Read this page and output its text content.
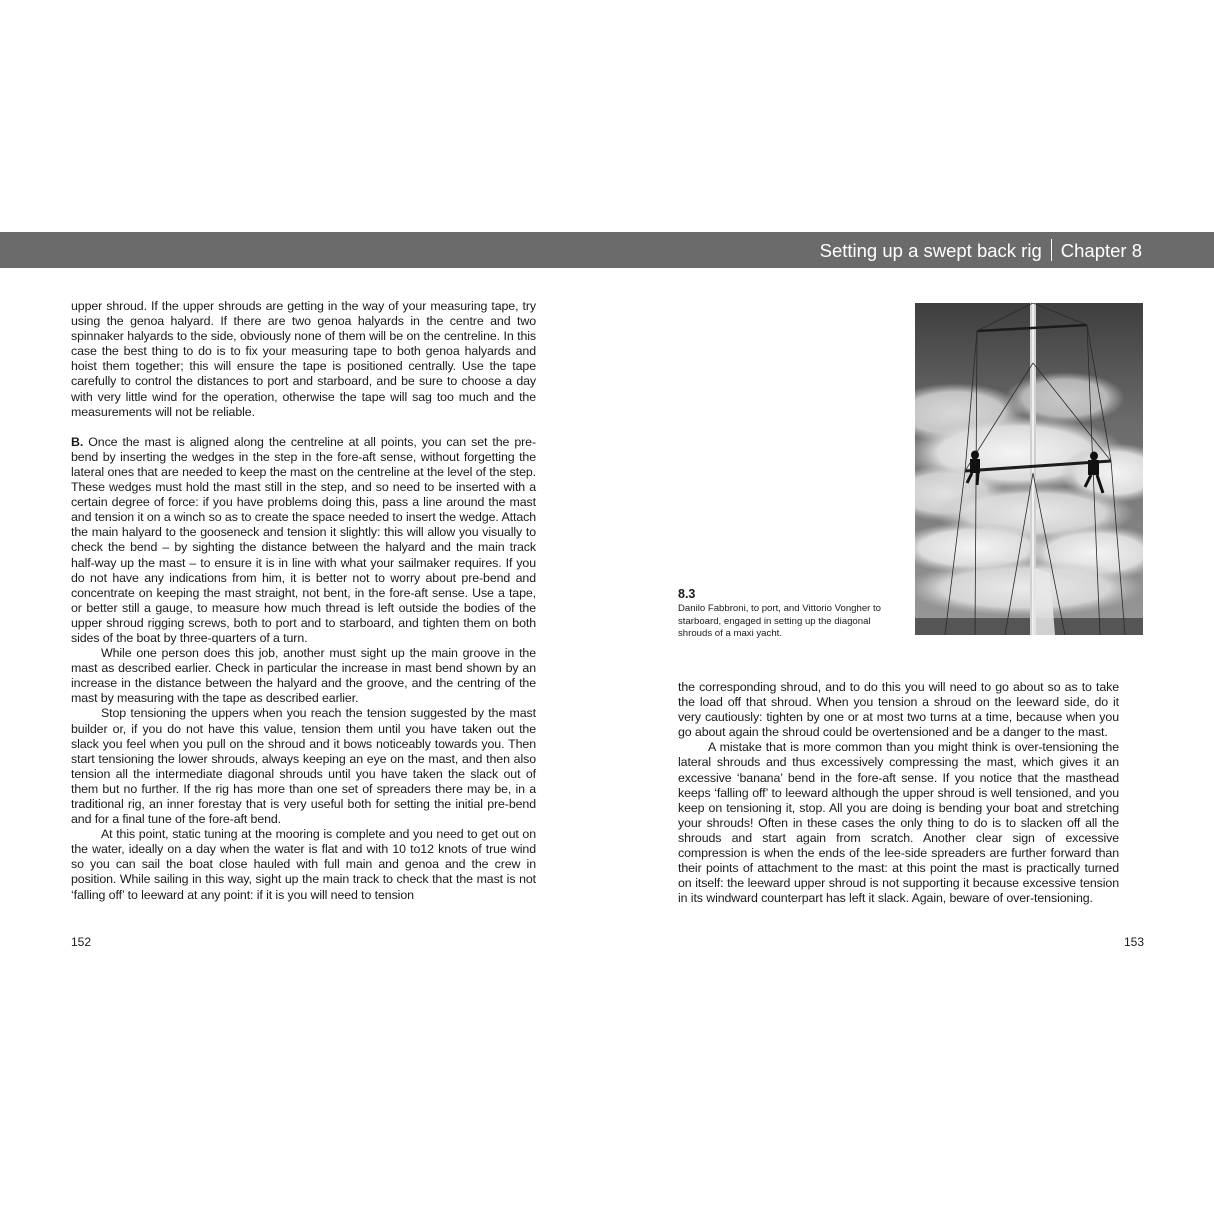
Setting up a swept back rig Chapter 8

upper shroud. If the upper shrouds are getting in the way of your measuring tape, try using the genoa halyard. If there are two genoa halyards in the centre and two spinnaker halyards to the side, obviously none of them will be on the centreline. In this case the best thing to do is to fix your measuring tape to both genoa halyards and hoist them together; this will ensure the tape is positioned centrally. Use the tape carefully to control the distances to port and starboard, and be sure to choose a day with very little wind for the operation, otherwise the tape will sag too much and the measurements will not be reliable.

B. Once the mast is aligned along the centreline at all points, you can set the pre-bend by inserting the wedges in the step in the fore-aft sense, without forgetting the lateral ones that are needed to keep the mast on the centreline at the level of the step. These wedges must hold the mast still in the step, and so need to be inserted with a certain degree of force: if you have problems doing this, pass a line around the mast and tension it on a winch so as to create the space needed to insert the wedge. Attach the main halyard to the gooseneck and tension it slightly: this will allow you visually to check the bend – by sighting the distance between the halyard and the main track half-way up the mast – to ensure it is in line with what your sailmaker requires. If you do not have any indications from him, it is better not to worry about pre-bend and concentrate on keeping the mast straight, not bent, in the fore-aft sense. Use a tape, or better still a gauge, to measure how much thread is left outside the bodies of the upper shroud rigging screws, both to port and to starboard, and tighten them on both sides of the boat by three-quarters of a turn.

While one person does this job, another must sight up the main groove in the mast as described earlier. Check in particular the increase in mast bend shown by an increase in the distance between the halyard and the groove, and the centring of the mast by measuring with the tape as described earlier.

Stop tensioning the uppers when you reach the tension suggested by the mast builder or, if you do not have this value, tension them until you have taken out the slack you feel when you pull on the shroud and it bows noticeably towards you. Then start tensioning the lower shrouds, always keeping an eye on the mast, and then also tension all the intermediate diagonal shrouds until you have taken the slack out of them but no further. If the rig has more than one set of spreaders there may be, in a traditional rig, an inner forestay that is very useful both for setting the initial pre-bend and for a final tune of the fore-aft bend.

At this point, static tuning at the mooring is complete and you need to get out on the water, ideally on a day when the water is flat and with 10 to12 knots of true wind so you can sail the boat close hauled with full main and genoa and the crew in position. While sailing in this way, sight up the main track to check that the mast is not ‘falling off’ to leeward at any point: if it is you will need to tension

152

8.3

Danilo Fabbroni, to port, and Vittorio Vongher to starboard, engaged in setting up the diagonal shrouds of a maxi yacht.

the corresponding shroud, and to do this you will need to go about so as to take the load off that shroud. When you tension a shroud on the leeward side, do it very cautiously: tighten by one or at most two turns at a time, because when you go about again the shroud could be overtensioned and be a danger to the mast.

A mistake that is more common than you might think is over-tensioning the lateral shrouds and thus excessively compressing the mast, which gives it an excessive ‘banana’ bend in the fore-aft sense. If you notice that the masthead keeps ‘falling off’ to leeward although the upper shroud is well tensioned, and you keep on tensioning it, stop. All you are doing is bending your boat and stretching your shrouds! Often in these cases the only thing to do is to slacken off all the shrouds and start again from scratch. Another clear sign of excessive compression is when the ends of the lee-side spreaders are further forward than their points of attachment to the mast: at this point the mast is practically turned on itself: the leeward upper shroud is not supporting it because excessive tension in its windward counterpart has left it slack. Again, beware of over-tensioning.

153
